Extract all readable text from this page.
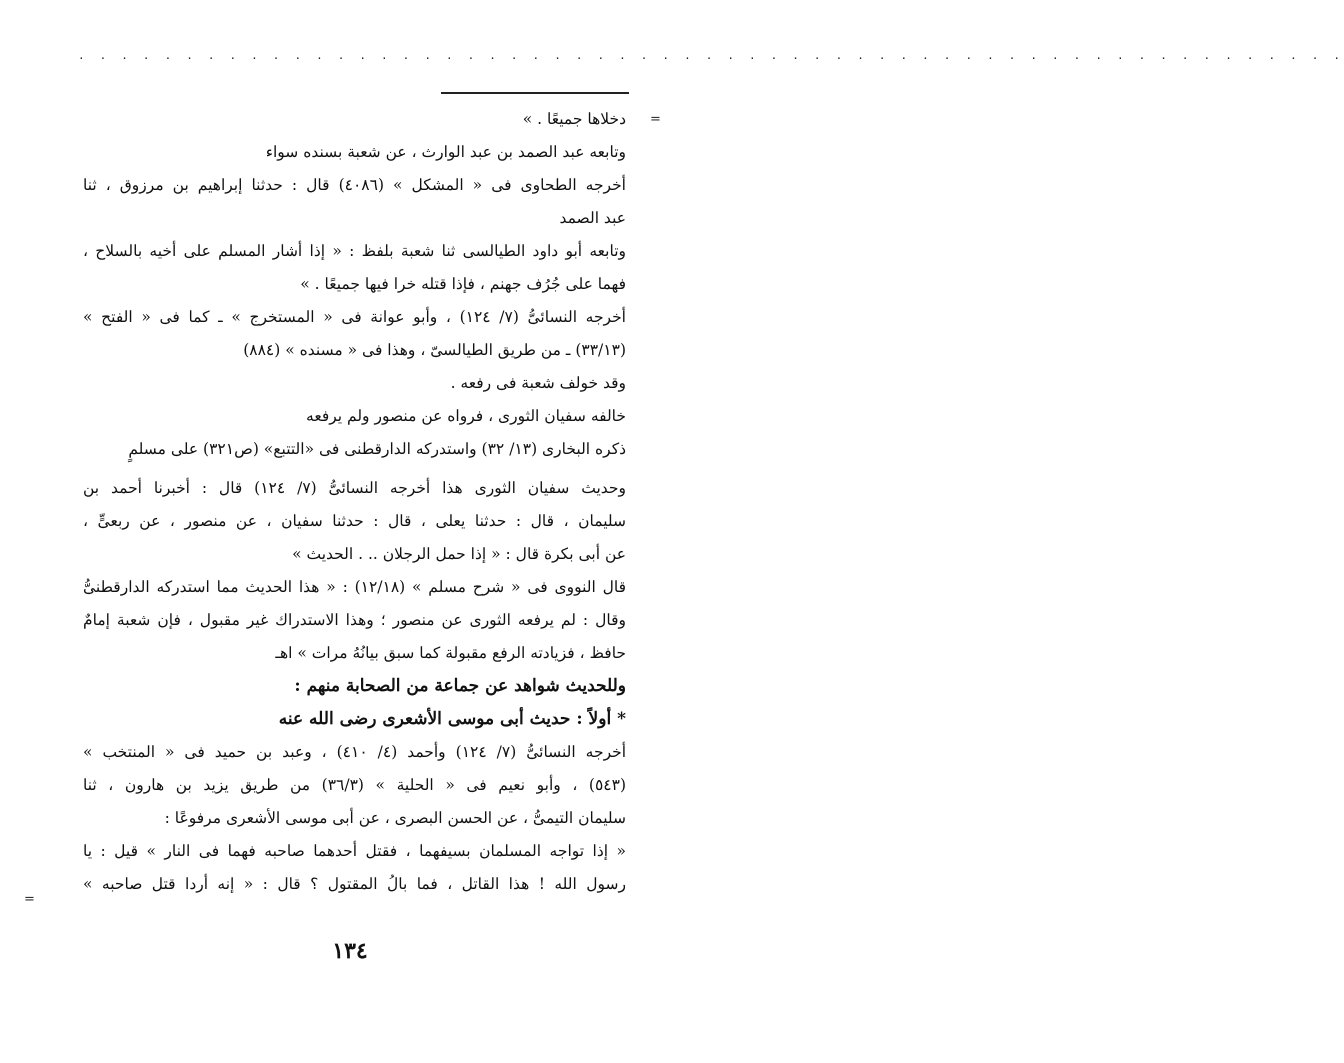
· · · · · · · · · · · · · · · · · · · · · · · · · · · · · · · · · · · · · · · · · · · · · · · · · · · · · · · · · · ·
=
=
دخلاها جميعًا . »
وتابعه عبد الصمد بن عبد الوارث ، عن شعبة بسنده سواء
أخرجه الطحاوى فى « المشكل » (٤٠٨٦) قال : حدثنا إبراهيم بن مرزوق ، ثنا
عبد الصمد
وتابعه أبو داود الطيالسى ثنا شعبة بلفظ : « إذا أشار المسلم على أخيه بالسلاح ،
فهما على جُرُف جهنم ، فإذا قتله خرا فيها جميعًا . »
أخرجه النسائىُّ (٧/ ١٢٤) ، وأبو عوانة فى « المستخرج » ـ كما فى « الفتح »
(٣٣/١٣) ـ من طريق الطيالسىّ ، وهذا فى « مسنده » (٨٨٤)
وقد خولف شعبة فى رفعه .
خالفه سفيان الثورى ، فرواه عن منصور ولم يرفعه
ذكره البخارى (١٣/ ٣٢) واستدركه الدارقطنى فى «التتبع» (ص٣٢١) على مسلمٍ
وحديث سفيان الثورى هذا أخرجه النسائىُّ (٧/ ١٢٤) قال : أخبرنا أحمد بن
سليمان ، قال : حدثنا يعلى ، قال : حدثنا سفيان ، عن منصور ، عن ربعىٍّ ،
عن أبى بكرة قال : « إذا حمل الرجلان .. . الحديث »
قال النووى فى « شرح مسلم » (١٢/١٨) : « هذا الحديث مما استدركه الدارقطنىُّ
وقال : لم يرفعه الثورى عن منصور ؛ وهذا الاستدراك غير مقبول ، فإن شعبة إمامٌ
حافظ ، فزيادته الرفع مقبولة كما سبق بيانُهُ مرات » اهـ
وللحديث شواهد عن جماعة من الصحابة منهم :
* أولاً : حديث أبى موسى الأشعرى رضى الله عنه
أخرجه النسائىُّ (٧/ ١٢٤) وأحمد (٤/ ٤١٠) ، وعبد بن حميد فى « المنتخب »
(٥٤٣) ، وأبو نعيم فى « الحلية » (٣٦/٣) من طريق يزيد بن هارون ، ثنا
سليمان التيمىُّ ، عن الحسن البصرى ، عن أبى موسى الأشعرى مرفوعًا :
« إذا تواجه المسلمان بسيفهما ، فقتل أحدهما صاحبه فهما فى النار » قيل : يا
رسول الله ! هذا القاتل ، فما بالُ المقتول ؟ قال : « إنه أردا قتل صاحبه »
١٣٤
